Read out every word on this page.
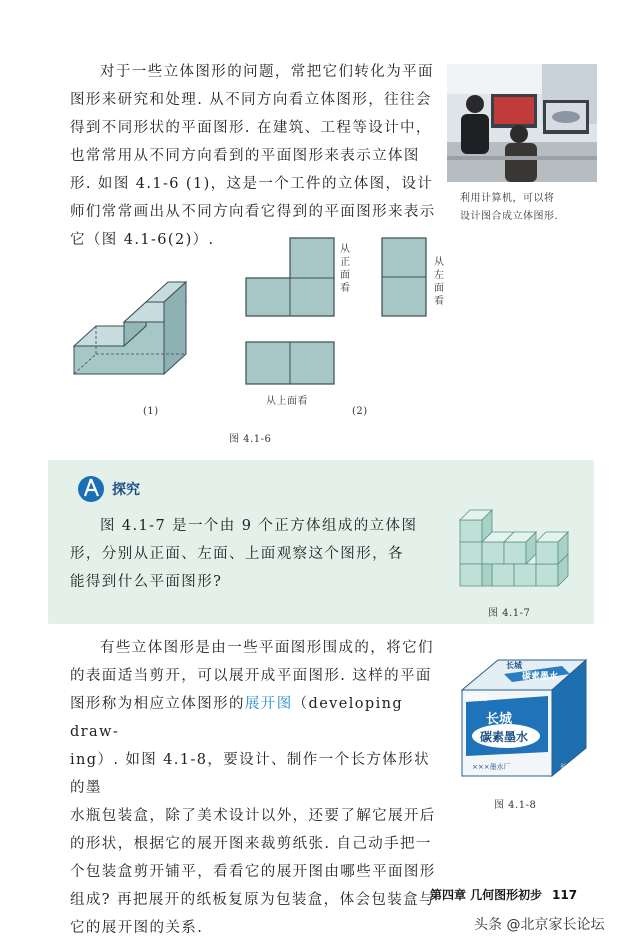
对于一些立体图形的问题，常把它们转化为平面

图形来研究和处理. 从不同方向看立体图形，往往会

得到不同形状的平面图形. 在建筑、工程等设计中，

也常常用从不同方向看到的平面图形来表示立体图

形. 如图 4.1-6 (1)，这是一个工件的立体图，设计

师们常常画出从不同方向看它得到的平面图形来表示

它（图 4.1-6(2)）.

利用计算机，可以将
设计图合成立体图形.
(1)
从正面看
从左面看
从上面看
(2)
图 4.1-6
探究

图 4.1-7 是一个由 9 个正方体组成的立体图

形，分别从正面、左面、上面观察这个图形，各

能得到什么平面图形?

图 4.1-7

有些立体图形是由一些平面图形围成的，将它们

的表面适当剪开，可以展开成平面图形. 这样的平面

图形称为相应立体图形的展开图（developing draw-

ing）. 如图 4.1-8，要设计、制作一个长方体形状的墨

水瓶包装盒，除了美术设计以外，还要了解它展开后

的形状，根据它的展开图来裁剪纸张. 自己动手把一

个包装盒剪开铺平，看看它的展开图由哪些平面图形

组成? 再把展开的纸板复原为包装盒，体会包装盒与

它的展开图的关系.

长城
碳素墨水
书写用
长城
碳素墨水
×××墨水厂	长城
图 4.1-8
第四章 几何图形初步 117
头条 @北京家长论坛
